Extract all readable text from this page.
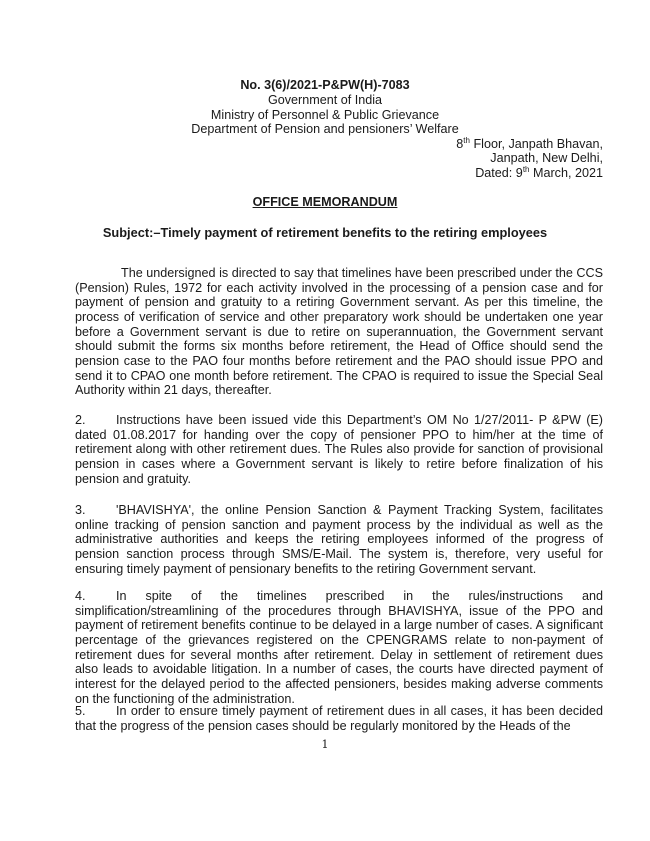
No. 3(6)/2021-P&PW(H)-7083
Government of India
Ministry of Personnel & Public Grievance
Department of Pension and pensioners’ Welfare
8th Floor, Janpath Bhavan,
Janpath, New Delhi,
Dated: 9th March, 2021
OFFICE MEMORANDUM
Subject:–Timely payment of retirement benefits to the retiring employees
The undersigned is directed to say that timelines have been prescribed under the CCS (Pension) Rules, 1972 for each activity involved in the processing of a pension case and for payment of pension and gratuity to a retiring Government servant. As per this timeline, the process of verification of service and other preparatory work should be undertaken one year before a Government servant is due to retire on superannuation, the Government servant should submit the forms six months before retirement, the Head of Office should send the pension case to the PAO four months before retirement and the PAO should issue PPO and send it to CPAO one month before retirement. The CPAO is required to issue the Special Seal Authority within 21 days, thereafter.
2. Instructions have been issued vide this Department’s OM No 1/27/2011- P &PW (E) dated 01.08.2017 for handing over the copy of pensioner PPO to him/her at the time of retirement along with other retirement dues. The Rules also provide for sanction of provisional pension in cases where a Government servant is likely to retire before finalization of his pension and gratuity.
3. 'BHAVISHYA', the online Pension Sanction & Payment Tracking System, facilitates online tracking of pension sanction and payment process by the individual as well as the administrative authorities and keeps the retiring employees informed of the progress of pension sanction process through SMS/E-Mail. The system is, therefore, very useful for ensuring timely payment of pensionary benefits to the retiring Government servant.
4. In spite of the timelines prescribed in the rules/instructions and simplification/streamlining of the procedures through BHAVISHYA, issue of the PPO and payment of retirement benefits continue to be delayed in a large number of cases. A significant percentage of the grievances registered on the CPENGRAMS relate to non-payment of retirement dues for several months after retirement. Delay in settlement of retirement dues also leads to avoidable litigation. In a number of cases, the courts have directed payment of interest for the delayed period to the affected pensioners, besides making adverse comments on the functioning of the administration.
5. In order to ensure timely payment of retirement dues in all cases, it has been decided that the progress of the pension cases should be regularly monitored by the Heads of the
1
